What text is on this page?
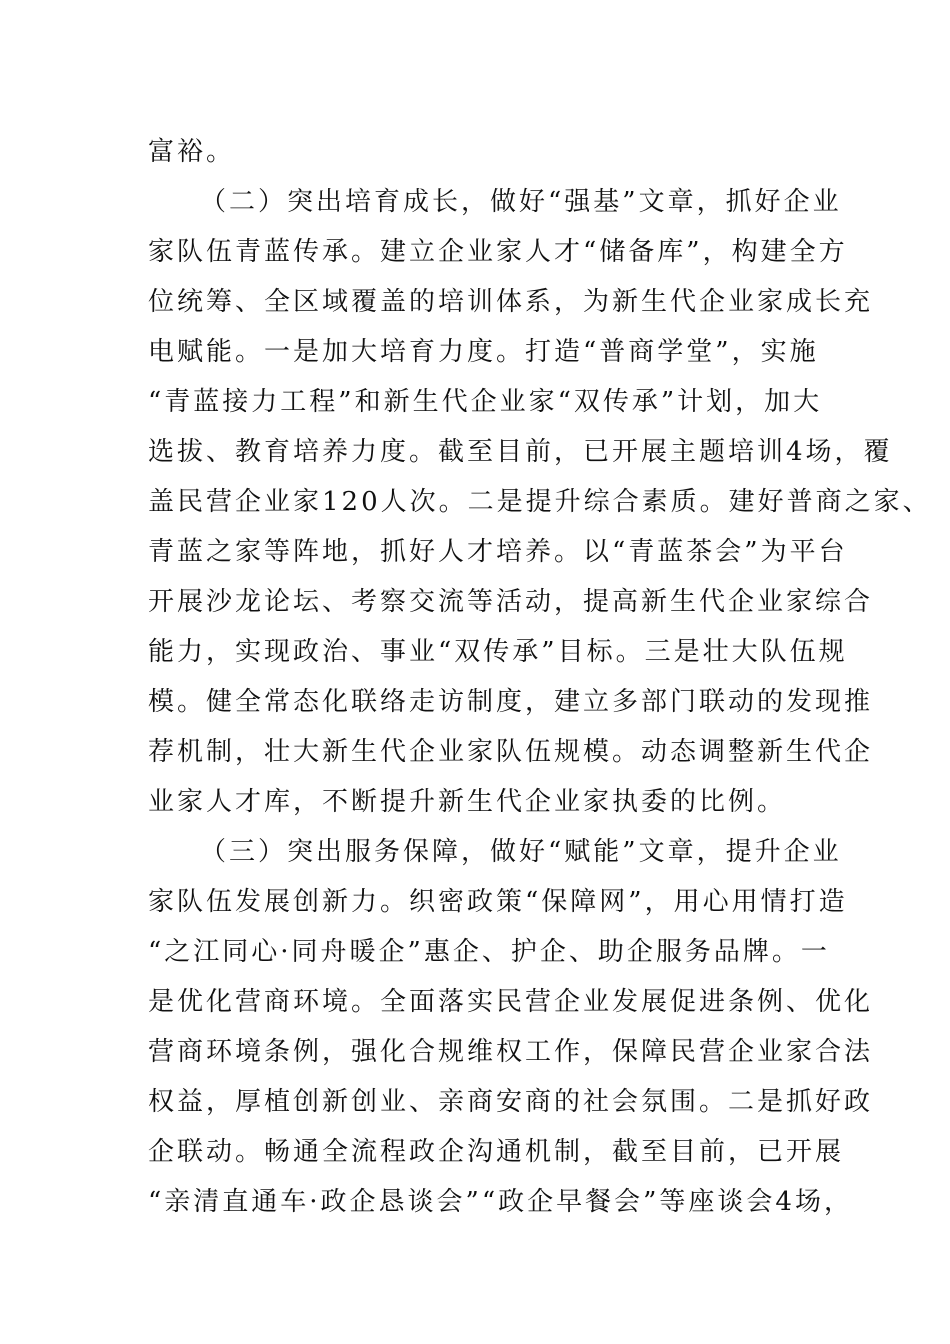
富裕。
（二）突出培育成长，做好“强基”文章，抓好企业
家队伍青蓝传承。建立企业家人才“储备库”，构建全方
位统筹、全区域覆盖的培训体系，为新生代企业家成长充
电赋能。一是加大培育力度。打造“普商学堂”，实施
“青蓝接力工程”和新生代企业家“双传承”计划，加大
选拔、教育培养力度。截至目前，已开展主题培训4场，覆
盖民营企业家120人次。二是提升综合素质。建好普商之家、
青蓝之家等阵地，抓好人才培养。以“青蓝茶会”为平台
开展沙龙论坛、考察交流等活动，提高新生代企业家综合
能力，实现政治、事业“双传承”目标。三是壮大队伍规
模。健全常态化联络走访制度，建立多部门联动的发现推
荐机制，壮大新生代企业家队伍规模。动态调整新生代企
业家人才库，不断提升新生代企业家执委的比例。
（三）突出服务保障，做好“赋能”文章，提升企业
家队伍发展创新力。织密政策“保障网”，用心用情打造
“之江同心·同舟暖企”惠企、护企、助企服务品牌。一
是优化营商环境。全面落实民营企业发展促进条例、优化
营商环境条例，强化合规维权工作，保障民营企业家合法
权益，厚植创新创业、亲商安商的社会氛围。二是抓好政
企联动。畅通全流程政企沟通机制，截至目前，已开展
“亲清直通车·政企恳谈会”“政企早餐会”等座谈会4场，
